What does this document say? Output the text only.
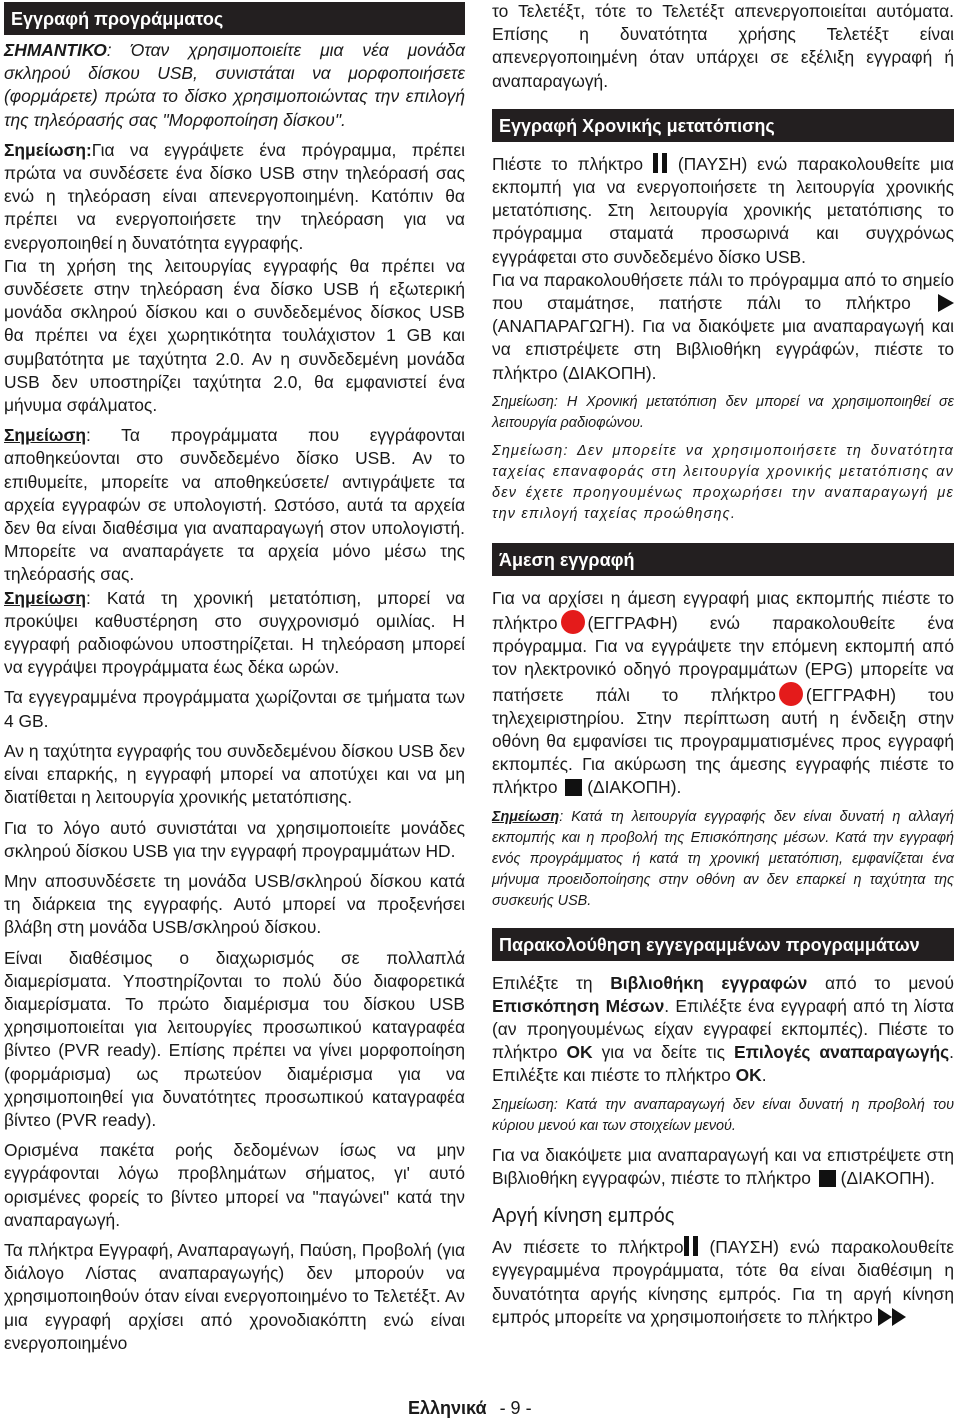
Εγγραφή προγράμματος

ΣΗΜΑΝΤΙΚΟ: Όταν χρησιμοποιείτε μια νέα μονάδα σκληρού δίσκου USB, συνιστάται να μορφοποιήσετε (φορμάρετε) πρώτα το δίσκο χρησιμοποιώντας την επιλογή της τηλεόρασής σας "Μορφοποίηση δίσκου".

Σημείωση:Για να εγγράψετε ένα πρόγραμμα, πρέπει πρώτα να συνδέσετε ένα δίσκο USB στην τηλεόρασή σας ενώ η τηλεόραση είναι απενεργοποιημένη. Κατόπιν θα πρέπει να ενεργοποιήσετε την τηλεόραση για να ενεργοποιηθεί η δυνατότητα εγγραφής.

Για τη χρήση της λειτουργίας εγγραφής θα πρέπει να συνδέσετε στην τηλεόραση ένα δίσκο USB ή εξωτερική μονάδα σκληρού δίσκου και ο συνδεδεμένος δίσκος USB θα πρέπει να έχει χωρητικότητα τουλάχιστον 1 GB και συμβατότητα με ταχύτητα 2.0. Αν η συνδεδεμένη μονάδα USB δεν υποστηρίζει ταχύτητα 2.0, θα εμφανιστεί ένα μήνυμα σφάλματος.

Σημείωση: Τα προγράμματα που εγγράφονται αποθηκεύονται στο συνδεδεμένο δίσκο USB. Αν το επιθυμείτε, μπορείτε να αποθηκεύσετε/ αντιγράψετε τα αρχεία εγγραφών σε υπολογιστή. Ωστόσο, αυτά τα αρχεία δεν θα είναι διαθέσιμα για αναπαραγωγή στον υπολογιστή. Μπορείτε να αναπαράγετε τα αρχεία μόνο μέσω της τηλεόρασής σας.

Σημείωση: Κατά τη χρονική μετατόπιση, μπορεί να προκύψει καθυστέρηση στο συγχρονισμό ομιλίας. Η εγγραφή ραδιοφώνου υποστηρίζεται. Η τηλεόραση μπορεί να εγγράψει προγράμματα έως δέκα ωρών.

Τα εγγεγραμμένα προγράμματα χωρίζονται σε τμήματα των 4 GB.

Αν η ταχύτητα εγγραφής του συνδεδεμένου δίσκου USB δεν είναι επαρκής, η εγγραφή μπορεί να αποτύχει και να μη διατίθεται η λειτουργία χρονικής μετατόπισης.

Για το λόγο αυτό συνιστάται να χρησιμοποιείτε μονάδες σκληρού δίσκου USB για την εγγραφή προγραμμάτων HD.

Μην αποσυνδέσετε τη μονάδα USB/σκληρού δίσκου κατά τη διάρκεια της εγγραφής. Αυτό μπορεί να προξενήσει βλάβη στη μονάδα USB/σκληρού δίσκου.

Είναι διαθέσιμος ο διαχωρισμός σε πολλαπλά διαμερίσματα. Υποστηρίζονται το πολύ δύο διαφορετικά διαμερίσματα. Το πρώτο διαμέρισμα του δίσκου USB χρησιμοποιείται για λειτουργίες προσωπικού καταγραφέα βίντεο (PVR ready). Επίσης πρέπει να γίνει μορφοποίηση (φορμάρισμα) ως πρωτεύον διαμέρισμα για να χρησιμοποιηθεί για δυνατότητες προσωπικού καταγραφέα βίντεο (PVR ready).

Ορισμένα πακέτα ροής δεδομένων ίσως να μην εγγράφονται λόγω προβλημάτων σήματος, γι' αυτό ορισμένες φορείς το βίντεο μπορεί να "παγώνει" κατά την αναπαραγωγή.

Τα πλήκτρα Εγγραφή, Αναπαραγωγή, Παύση, Προβολή (για διάλογο Λίστας αναπαραγωγής) δεν μπορούν να χρησιμοποιηθούν όταν είναι ενεργοποιημένο το Τελετέξτ. Αν μια εγγραφή αρχίσει από χρονοδιακόπτη ενώ είναι ενεργοποιημένο

το Τελετέξτ, τότε το Τελετέξτ απενεργοποιείται αυτόματα. Επίσης η δυνατότητα χρήσης Τελετέξτ είναι απενεργοποιημένη όταν υπάρχει σε εξέλιξη εγγραφή ή αναπαραγωγή.

Εγγραφή Χρονικής μετατόπισης

Πιέστε το πλήκτρο (ΠΑΥΣΗ) ενώ παρακολουθείτε μια εκπομπή για να ενεργοποιήσετε τη λειτουργία χρονικής μετατόπισης. Στη λειτουργία χρονικής μετατόπισης το πρόγραμμα σταματά προσωρινά και συγχρόνως εγγράφεται στο συνδεδεμένο δίσκο USB.

Για να παρακολουθήσετε πάλι το πρόγραμμα από το σημείο που σταμάτησε, πατήστε πάλι το πλήκτρο  (ΑΝΑΠΑΡΑΓΩΓΗ). Για να διακόψετε μια αναπαραγωγή και να επιστρέψετε στη Βιβλιοθήκη εγγράφών, πιέστε το πλήκτρο (ΔΙΑΚΟΠΗ).

Σημείωση: Η Χρονική μετατόπιση δεν μπορεί να χρησιμοποιηθεί σε λειτουργία ραδιοφώνου.

Σημείωση: Δεν μπορείτε να χρησιμοποιήσετε τη δυνατότητα ταχείας επαναφοράς στη λειτουργία χρονικής μετατόπισης αν δεν έχετε προηγουμένως προχωρήσει την αναπαραγωγή με την επιλογή ταχείας προώθησης.

Άμεση εγγραφή

Για να αρχίσει η άμεση εγγραφή μιας εκπομπής πιέστε το πλήκτρο (ΕΓΓΡΑΦΗ) ενώ παρακολουθείτε ένα πρόγραμμα. Για να εγγράψετε την επόμενη εκπομπή από τον ηλεκτρονικό οδηγό προγραμμάτων (EPG) μπορείτε να πατήσετε πάλι το πλήκτρο (ΕΓΓΡΑΦΗ) του τηλεχειριστηρίου. Στην περίπτωση αυτή η ένδειξη στην οθόνη θα εμφανίσει τις προγραμματισμένες προς εγγραφή εκπομπές. Για ακύρωση της άμεσης εγγραφής πιέστε το πλήκτρο (ΔΙΑΚΟΠΗ).

Σημείωση: Κατά τη λειτουργία εγγραφής δεν είναι δυνατή η αλλαγή εκπομπής και η προβολή της Επισκόπησης μέσων. Κατά την εγγραφή ενός προγράμματος ή κατά τη χρονική μετατόπιση, εμφανίζεται ένα μήνυμα προειδοποίησης στην οθόνη αν δεν επαρκεί η ταχύτητα της συσκευής USB.

Παρακολούθηση εγγεγραμμένων προγραμμάτων

Επιλέξτε τη Βιβλιοθήκη εγγραφών από το μενού Επισκόπηση Μέσων. Επιλέξτε ένα εγγραφή από τη λίστα (αν προηγουμένως είχαν εγγραφεί εκπομπές). Πιέστε το πλήκτρο OK για να δείτε τις Επιλογές αναπαραγωγής. Επιλέξτε και πιέστε το πλήκτρο OK.

Σημείωση: Κατά την αναπαραγωγή δεν είναι δυνατή η προβολή του κύριου μενού και των στοιχείων μενού.

Για να διακόψετε μια αναπαραγωγή και να επιστρέψετε στη Βιβλιοθήκη εγγραφών, πιέστε το πλήκτρο (ΔΙΑΚΟΠΗ).

Αργή κίνηση εμπρός

Αν πιέσετε το πλήκτρο (ΠΑΥΣΗ) ενώ παρακολουθείτε εγγεγραμμένα προγράμματα, τότε θα είναι διαθέσιμη η δυνατότητα αργής κίνησης εμπρός. Για τη αργή κίνηση εμπρός μπορείτε να χρησιμοποιήσετε το πλήκτρο

Ελληνικά - 9 -
